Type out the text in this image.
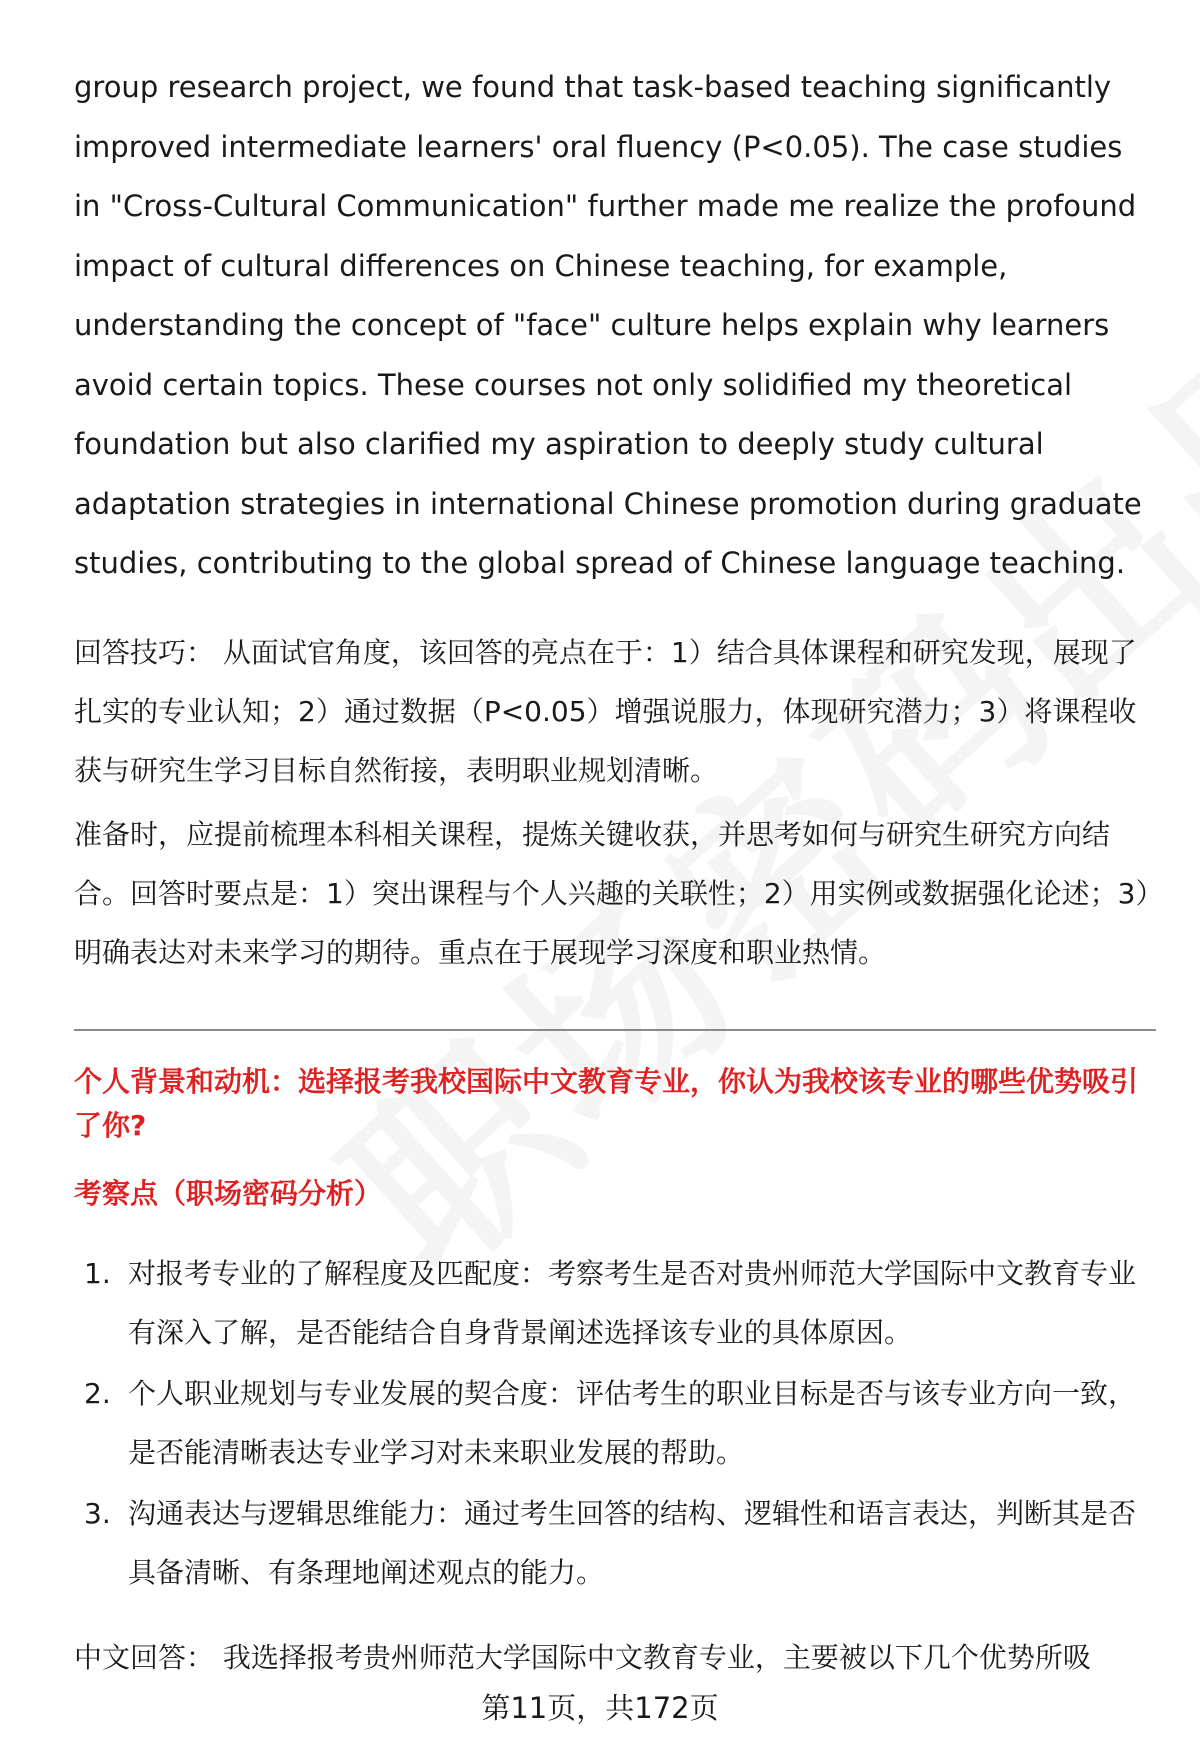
group research project, we found that task-based teaching significantly improved intermediate learners' oral fluency (P<0.05). The case studies in "Cross-Cultural Communication" further made me realize the profound impact of cultural differences on Chinese teaching, for example, understanding the concept of "face" culture helps explain why learners avoid certain topics. These courses not only solidified my theoretical foundation but also clarified my aspiration to deeply study cultural adaptation strategies in international Chinese promotion during graduate studies, contributing to the global spread of Chinese language teaching.

回答技巧： 从面试官角度，该回答的亮点在于：1）结合具体课程和研究发现，展现了扎实的专业认知；2）通过数据（P<0.05）增强说服力，体现研究潜力；3）将课程收获与研究生学习目标自然衔接，表明职业规划清晰。

准备时，应提前梳理本科相关课程，提炼关键收获，并思考如何与研究生研究方向结合。回答时要点是：1）突出课程与个人兴趣的关联性；2）用实例或数据强化论述；3）明确表达对未来学习的期待。重点在于展现学习深度和职业热情。

个人背景和动机：选择报考我校国际中文教育专业，你认为我校该专业的哪些优势吸引了你?

考察点（职场密码分析）

1. 对报考专业的了解程度及匹配度：考察考生是否对贵州师范大学国际中文教育专业有深入了解，是否能结合自身背景阐述选择该专业的具体原因。
2. 个人职业规划与专业发展的契合度：评估考生的职业目标是否与该专业方向一致，是否能清晰表达专业学习对未来职业发展的帮助。
3. 沟通表达与逻辑思维能力：通过考生回答的结构、逻辑性和语言表达，判断其是否具备清晰、有条理地阐述观点的能力。

中文回答： 我选择报考贵州师范大学国际中文教育专业，主要被以下几个优势所吸

第11页，共172页
